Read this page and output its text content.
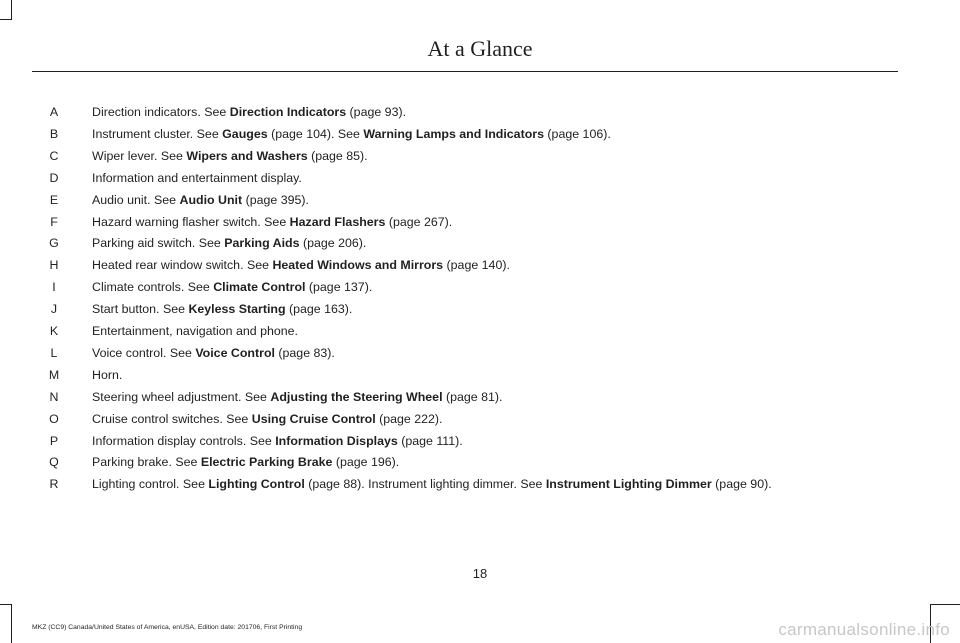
At a Glance
A	Direction indicators. See Direction Indicators (page 93).
B	Instrument cluster. See Gauges (page 104). See Warning Lamps and Indicators (page 106).
C	Wiper lever. See Wipers and Washers (page 85).
D	Information and entertainment display.
E	Audio unit. See Audio Unit (page 395).
F	Hazard warning flasher switch. See Hazard Flashers (page 267).
G	Parking aid switch. See Parking Aids (page 206).
H	Heated rear window switch. See Heated Windows and Mirrors (page 140).
I	Climate controls. See Climate Control (page 137).
J	Start button. See Keyless Starting (page 163).
K	Entertainment, navigation and phone.
L	Voice control. See Voice Control (page 83).
M	Horn.
N	Steering wheel adjustment. See Adjusting the Steering Wheel (page 81).
O	Cruise control switches. See Using Cruise Control (page 222).
P	Information display controls. See Information Displays (page 111).
Q	Parking brake. See Electric Parking Brake (page 196).
R	Lighting control. See Lighting Control (page 88). Instrument lighting dimmer. See Instrument Lighting Dimmer (page 90).
18
MKZ (CC9) Canada/United States of America, enUSA, Edition date: 201706, First Printing	carmanualsonline.info
